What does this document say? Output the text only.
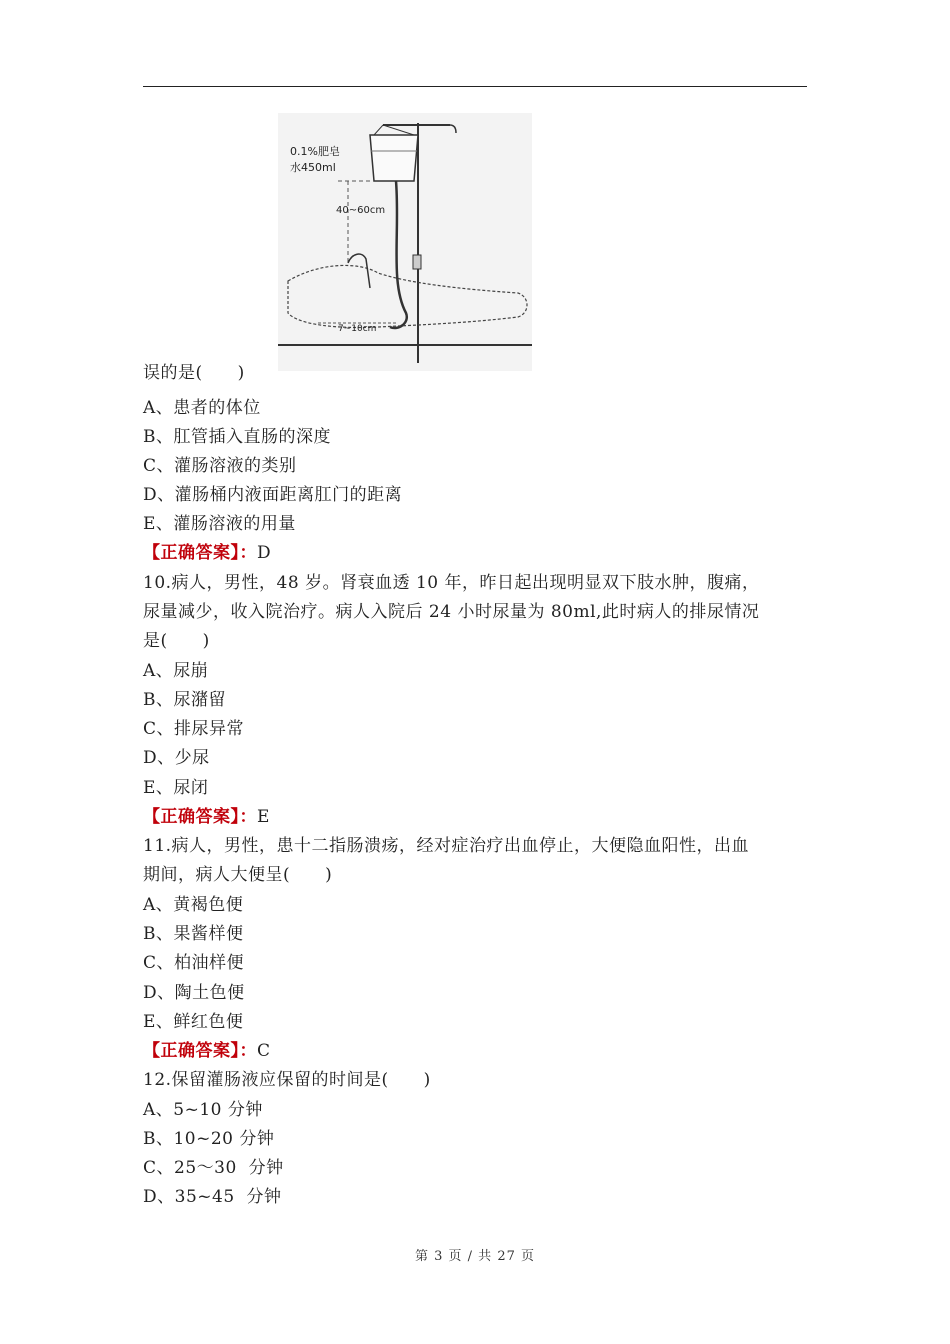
0.1%肥皂
水450ml
40~60cm
7~10cm
误的是(　　)
A、患者的体位
B、肛管插入直肠的深度
C、灌肠溶液的类别
D、灌肠桶内液面距离肛门的距离
E、灌肠溶液的用量
【正确答案】：D
10.病人，男性，48 岁。肾衰血透 10 年，昨日起出现明显双下肢水肿，腹痛，
尿量减少，收入院治疗。病人入院后 24 小时尿量为 80ml,此时病人的排尿情况
是(　　)
A、尿崩
B、尿潴留
C、排尿异常
D、少尿
E、尿闭
【正确答案】：E
11.病人，男性，患十二指肠溃疡，经对症治疗出血停止，大便隐血阳性，出血
期间，病人大便呈(　　)
A、黄褐色便
B、果酱样便
C、柏油样便
D、陶土色便
E、鲜红色便
【正确答案】：C
12.保留灌肠液应保留的时间是(　　)
A、5~10 分钟
B、10~20 分钟
C、25～30  分钟
D、35~45  分钟
第 3 页 / 共 27 页
